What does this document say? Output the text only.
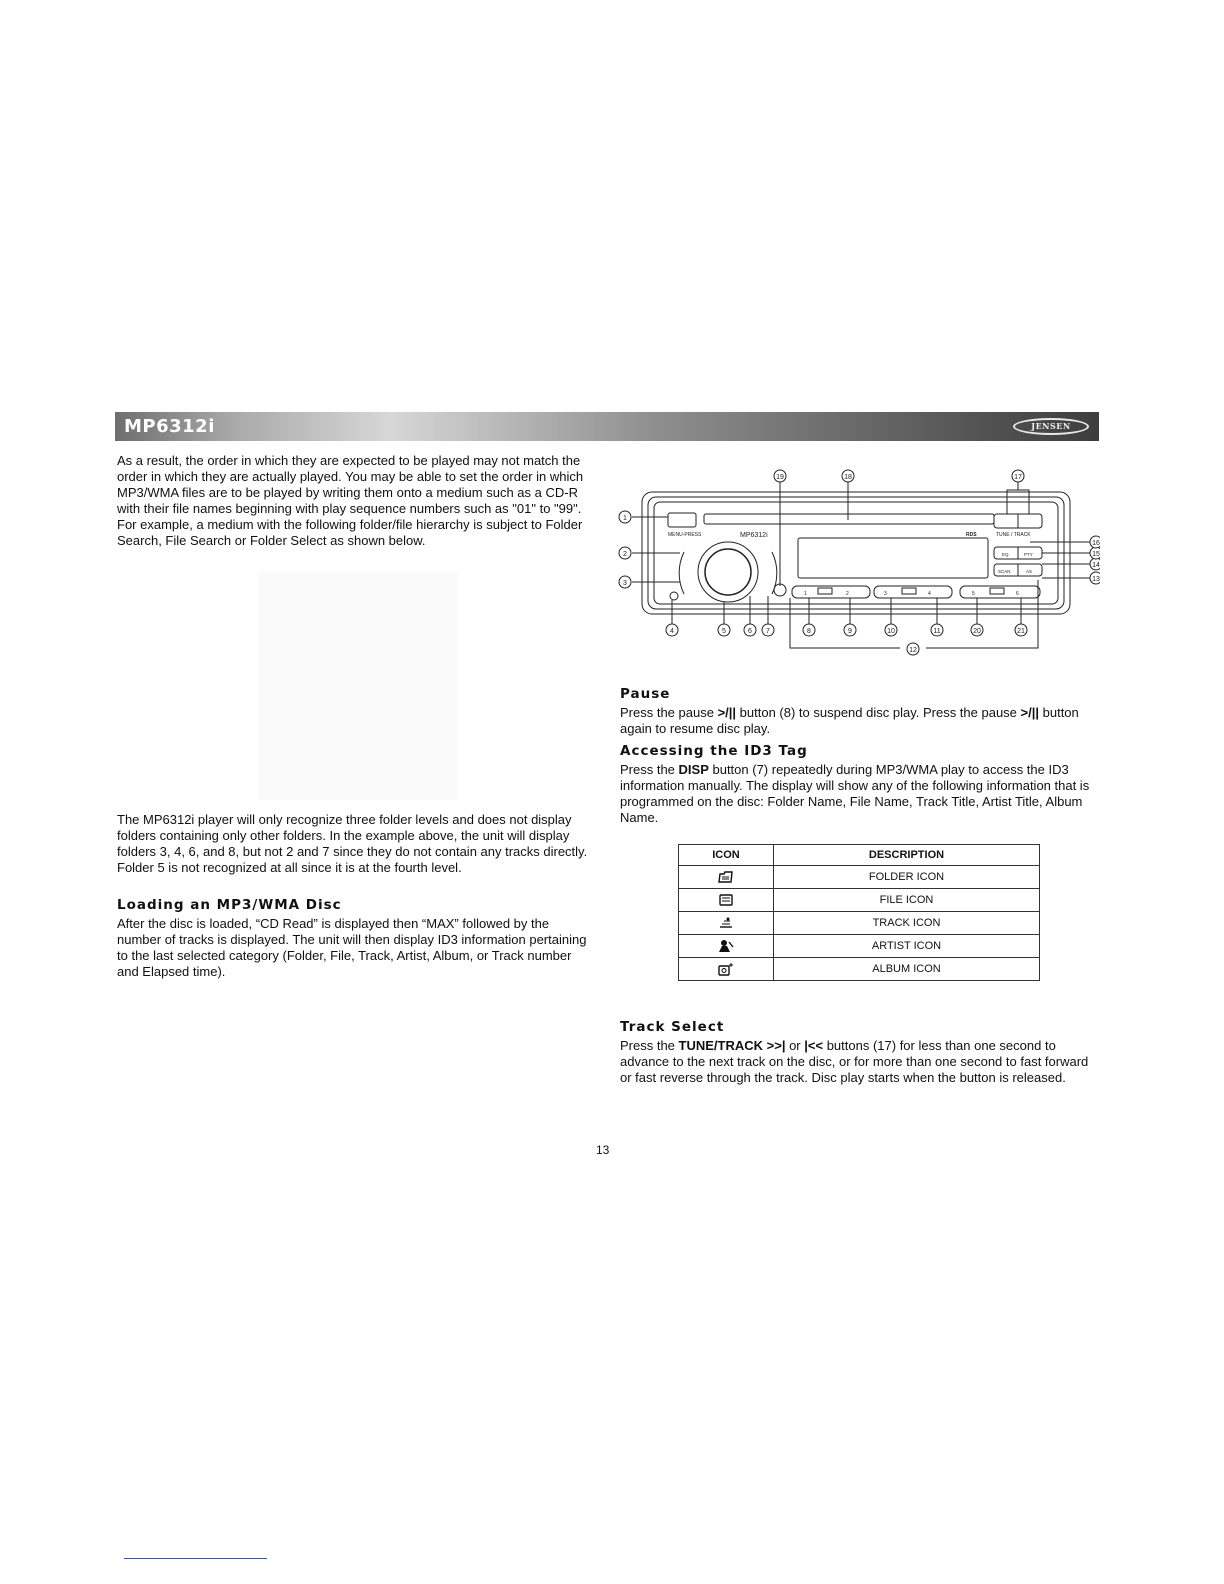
MP6312i	JENSEN

As a result, the order in which they are expected to be played may not match the order in which they are actually played. You may be able to set the order in which MP3/WMA files are to be played by writing them onto a medium such as a CD-R with their file names beginning with play sequence numbers such as "01" to "99". For example, a medium with the following folder/file hierarchy is subject to Folder Search, File Search or Folder Select as shown below.

The MP6312i player will only recognize three folder levels and does not display folders containing only other folders. In the example above, the unit will display folders 3, 4, 6, and 8, but not 2 and 7 since they do not contain any tracks directly. Folder 5 is not recognized at all since it is at the fourth level.

Loading an MP3/WMA Disc

After the disc is loaded, “CD Read” is displayed then “MAX” followed by the number of tracks is displayed. The unit will then display ID3 information pertaining to the last selected category (Folder, File, Track, Artist, Album, or Track number and Elapsed time).

1
2
3
4	5	6 7	8	9	10	11	20	21
12
13
14
15
16
17
18
19
MENU-PRESS	MP6312i	TUNE / TRACK
RDS
EQ	PTY
SCAN	AS
1	2	3	4	5	6
Pause

Press the pause >/|| button (8) to suspend disc play. Press the pause >/|| button again to resume disc play.

Accessing the ID3 Tag

Press the DISP button (7) repeatedly during MP3/WMA play to access the ID3 information manually. The display will show any of the following information that is programmed on the disc: Folder Name, File Name, Track Title, Artist Title, Album Name.

ICON	DESCRIPTION
	FOLDER ICON
	FILE ICON
	TRACK ICON
	ARTIST ICON
	ALBUM ICON
Track Select

Press the TUNE/TRACK >>| or |<< buttons (17) for less than one second to advance to the next track on the disc, or for more than one second to fast forward or fast reverse through the track. Disc play starts when the button is released.

13
